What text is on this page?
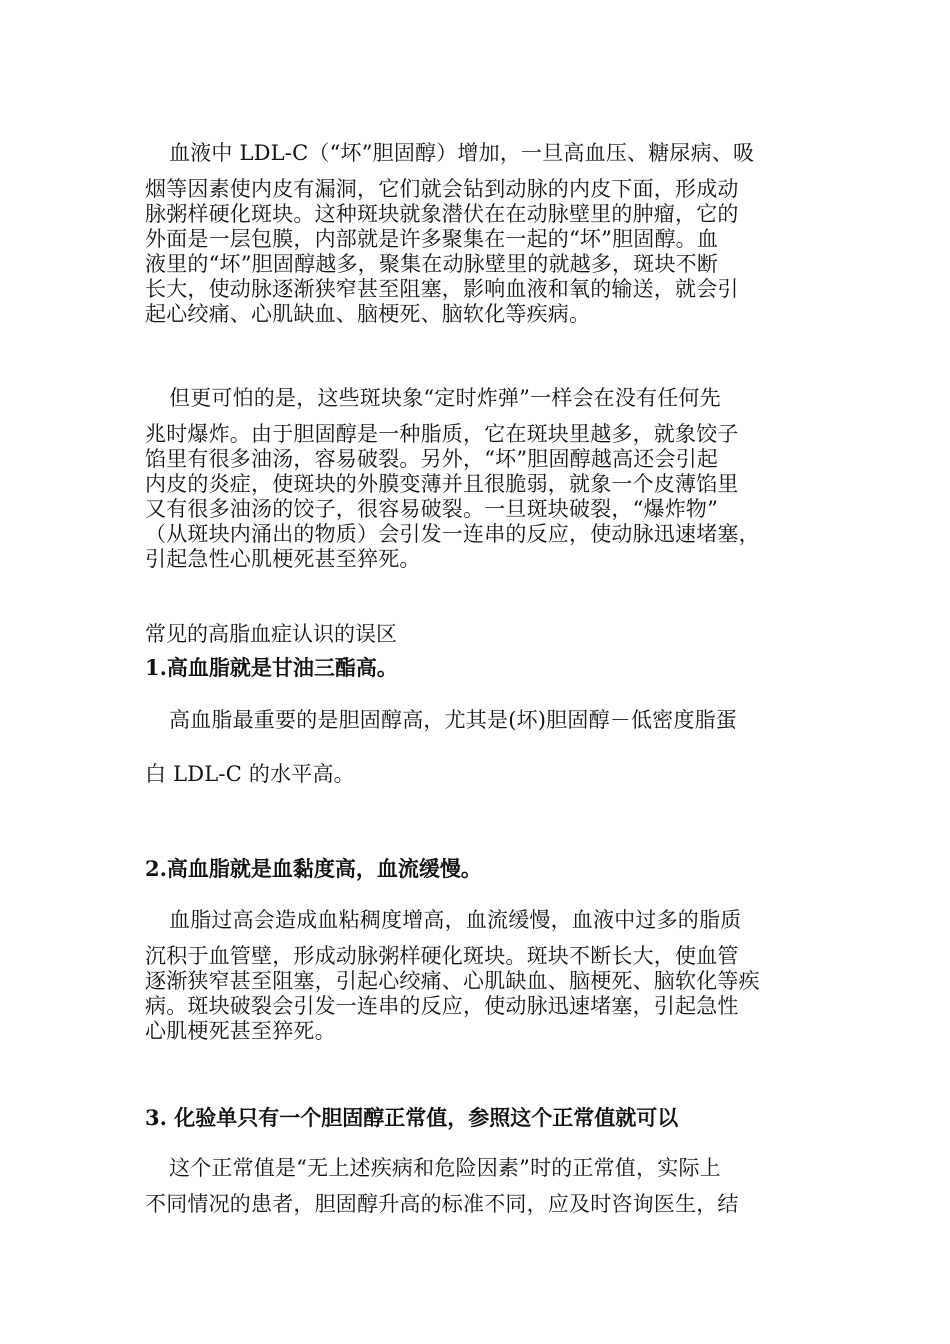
血液中 LDL-C（“坏”胆固醇）增加，一旦高血压、糖尿病、吸
烟等因素使内皮有漏洞，它们就会钻到动脉的内皮下面，形成动
脉粥样硬化斑块。这种斑块就象潜伏在在动脉壁里的肿瘤，它的
外面是一层包膜，内部就是许多聚集在一起的“坏”胆固醇。血
液里的“坏”胆固醇越多，聚集在动脉壁里的就越多，斑块不断
长大，使动脉逐渐狭窄甚至阻塞，影响血液和氧的输送，就会引
起心绞痛、心肌缺血、脑梗死、脑软化等疾病。
但更可怕的是，这些斑块象“定时炸弹”一样会在没有任何先
兆时爆炸。由于胆固醇是一种脂质，它在斑块里越多，就象饺子
馅里有很多油汤，容易破裂。另外，“坏”胆固醇越高还会引起
内皮的炎症，使斑块的外膜变薄并且很脆弱，就象一个皮薄馅里
又有很多油汤的饺子，很容易破裂。一旦斑块破裂，“爆炸物”
（从斑块内涌出的物质）会引发一连串的反应，使动脉迅速堵塞，
引起急性心肌梗死甚至猝死。

常见的高脂血症认识的误区

1.高血脂就是甘油三酯高。

高血脂最重要的是胆固醇高，尤其是(坏)胆固醇－低密度脂蛋
白 LDL-C 的水平高。

2.高血脂就是血黏度高，血流缓慢。

血脂过高会造成血粘稠度增高，血流缓慢，血液中过多的脂质
沉积于血管壁，形成动脉粥样硬化斑块。斑块不断长大，使血管
逐渐狭窄甚至阻塞，引起心绞痛、心肌缺血、脑梗死、脑软化等疾
病。斑块破裂会引发一连串的反应，使动脉迅速堵塞，引起急性
心肌梗死甚至猝死。

3. 化验单只有一个胆固醇正常值，参照这个正常值就可以

这个正常值是“无上述疾病和危险因素”时的正常值，实际上
不同情况的患者，胆固醇升高的标准不同，应及时咨询医生，结
